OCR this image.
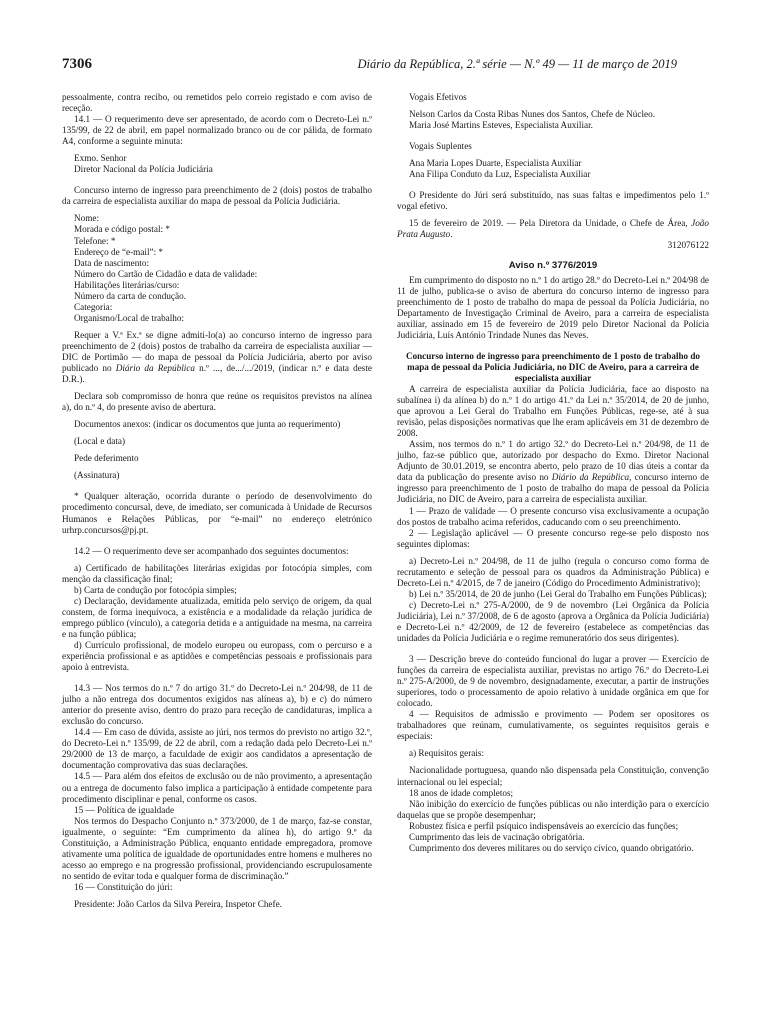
7306	Diário da República, 2.ª série — N.º 49 — 11 de março de 2019

pessoalmente, contra recibo, ou remetidos pelo correio registado e com aviso de receção.

14.1 — O requerimento deve ser apresentado, de acordo com o Decreto-Lei n.º 135/99, de 22 de abril, em papel normalizado branco ou de cor pálida, de formato A4, conforme a seguinte minuta:

Exmo. Senhor

Diretor Nacional da Polícia Judiciária

Concurso interno de ingresso para preenchimento de 2 (dois) postos de trabalho da carreira de especialista auxiliar do mapa de pessoal da Polícia Judiciária.

Nome:

Morada e código postal: *

Telefone: *

Endereço de “e-mail”: *

Data de nascimento:

Número do Cartão de Cidadão e data de validade:

Habilitações literárias/curso:

Número da carta de condução.

Categoria:

Organismo/Local de trabalho:

Requer a V.ª Ex.ª se digne admiti-lo(a) ao concurso interno de ingresso para preenchimento de 2 (dois) postos de trabalho da carreira de especialista auxiliar — DIC de Portimão — do mapa de pessoal da Polícia Judiciária, aberto por aviso publicado no Diário da República n.º ..., de.../.../2019, (indicar n.º e data deste D.R.).

Declara sob compromisso de honra que reúne os requisitos previstos na alínea a), do n.º 4, do presente aviso de abertura.

Documentos anexos: (indicar os documentos que junta ao requerimento)

(Local e data)

Pede deferimento

(Assinatura)

* Qualquer alteração, ocorrida durante o período de desenvolvimento do procedimento concursal, deve, de imediato, ser comunicada à Unidade de Recursos Humanos e Relações Públicas, por “e-mail” no endereço eletrónico urhrp.concursos@pj.pt.

14.2 — O requerimento deve ser acompanhado dos seguintes documentos:

a) Certificado de habilitações literárias exigidas por fotocópia simples, com menção da classificação final;

b) Carta de condução por fotocópia simples;

c) Declaração, devidamente atualizada, emitida pelo serviço de origem, da qual constem, de forma inequívoca, a existência e a modalidade da relação jurídica de emprego público (vínculo), a categoria detida e a antiguidade na mesma, na carreira e na função pública;

d) Currículo profissional, de modelo europeu ou europass, com o percurso e a experiência profissional e as aptidões e competências pessoais e profissionais para apoio à entrevista.

14.3 — Nos termos do n.º 7 do artigo 31.º do Decreto-Lei n.º 204/98, de 11 de julho a não entrega dos documentos exigidos nas alíneas a), b) e c) do número anterior do presente aviso, dentro do prazo para receção de candidaturas, implica a exclusão do concurso.

14.4 — Em caso de dúvida, assiste ao júri, nos termos do previsto no artigo 32.º, do Decreto-Lei n.º 135/99, de 22 de abril, com a redação dada pelo Decreto-Lei n.º 29/2000 de 13 de março, a faculdade de exigir aos candidatos a apresentação de documentação comprovativa das suas declarações.

14.5 — Para além dos efeitos de exclusão ou de não provimento, a apresentação ou a entrega de documento falso implica a participação à entidade competente para procedimento disciplinar e penal, conforme os casos.

15 — Política de igualdade

Nos termos do Despacho Conjunto n.º 373/2000, de 1 de março, faz-se constar, igualmente, o seguinte: “Em cumprimento da alínea h), do artigo 9.º da Constituição, a Administração Pública, enquanto entidade empregadora, promove ativamente uma política de igualdade de oportunidades entre homens e mulheres no acesso ao emprego e na progressão profissional, providenciando escrupulosamente no sentido de evitar toda e qualquer forma de discriminação.”

16 — Constituição do júri:

Presidente: João Carlos da Silva Pereira, Inspetor Chefe.

Vogais Efetivos

Nelson Carlos da Costa Ribas Nunes dos Santos, Chefe de Núcleo.

Maria José Martins Esteves, Especialista Auxiliar.

Vogais Suplentes

Ana Maria Lopes Duarte, Especialista Auxiliar

Ana Filipa Conduto da Luz, Especialista Auxiliar

O Presidente do Júri será substituído, nas suas faltas e impedimentos pelo 1.º vogal efetivo.

15 de fevereiro de 2019. — Pela Diretora da Unidade, o Chefe de Área, João Prata Augusto.

312076122

Aviso n.º 3776/2019

Em cumprimento do disposto no n.º 1 do artigo 28.º do Decreto-Lei n.º 204/98 de 11 de julho, publica-se o aviso de abertura do concurso interno de ingresso para preenchimento de 1 posto de trabalho do mapa de pessoal da Polícia Judiciária, no Departamento de Investigação Criminal de Aveiro, para a carreira de especialista auxiliar, assinado em 15 de fevereiro de 2019 pelo Diretor Nacional da Polícia Judiciária, Luís António Trindade Nunes das Neves.

Concurso interno de ingresso para preenchimento de 1 posto de trabalho do mapa de pessoal da Polícia Judiciária, no DIC de Aveiro, para a carreira de especialista auxiliar

A carreira de especialista auxiliar da Polícia Judiciária, face ao disposto na subalínea i) da alínea b) do n.º 1 do artigo 41.º da Lei n.º 35/2014, de 20 de junho, que aprovou a Lei Geral do Trabalho em Funções Públicas, rege-se, até à sua revisão, pelas disposições normativas que lhe eram aplicáveis em 31 de dezembro de 2008.

Assim, nos termos do n.º 1 do artigo 32.º do Decreto-Lei n.º 204/98, de 11 de julho, faz-se público que, autorizado por despacho do Exmo. Diretor Nacional Adjunto de 30.01.2019, se encontra aberto, pelo prazo de 10 dias úteis a contar da data da publicação do presente aviso no Diário da República, concurso interno de ingresso para preenchimento de 1 posto de trabalho do mapa de pessoal da Polícia Judiciária, no DIC de Aveiro, para a carreira de especialista auxiliar.

1 — Prazo de validade — O presente concurso visa exclusivamente a ocupação dos postos de trabalho acima referidos, caducando com o seu preenchimento.

2 — Legislação aplicável — O presente concurso rege-se pelo disposto nos seguintes diplomas:

a) Decreto-Lei n.º 204/98, de 11 de julho (regula o concurso como forma de recrutamento e seleção de pessoal para os quadros da Administração Pública) e Decreto-Lei n.º 4/2015, de 7 de janeiro (Código do Procedimento Administrativo);

b) Lei n.º 35/2014, de 20 de junho (Lei Geral do Trabalho em Funções Públicas);

c) Decreto-Lei n.º 275-A/2000, de 9 de novembro (Lei Orgânica da Polícia Judiciária), Lei n.º 37/2008, de 6 de agosto (aprova a Orgânica da Polícia Judiciária) e Decreto-Lei n.º 42/2009, de 12 de fevereiro (estabelece as competências das unidades da Polícia Judiciária e o regime remuneratório dos seus dirigentes).

3 — Descrição breve do conteúdo funcional do lugar a prover — Exercício de funções da carreira de especialista auxiliar, previstas no artigo 76.º do Decreto-Lei n.º 275-A/2000, de 9 de novembro, designadamente, executar, a partir de instruções superiores, todo o processamento de apoio relativo à unidade orgânica em que for colocado.

4 — Requisitos de admissão e provimento — Podem ser opositores os trabalhadores que reúnam, cumulativamente, os seguintes requisitos gerais e especiais:

a) Requisitos gerais:

Nacionalidade portuguesa, quando não dispensada pela Constituição, convenção internacional ou lei especial;

18 anos de idade completos;

Não inibição do exercício de funções públicas ou não interdição para o exercício daquelas que se propõe desempenhar;

Robustez física e perfil psíquico indispensáveis ao exercício das funções;

Cumprimento das leis de vacinação obrigatória.

Cumprimento dos deveres militares ou do serviço cívico, quando obrigatório.
